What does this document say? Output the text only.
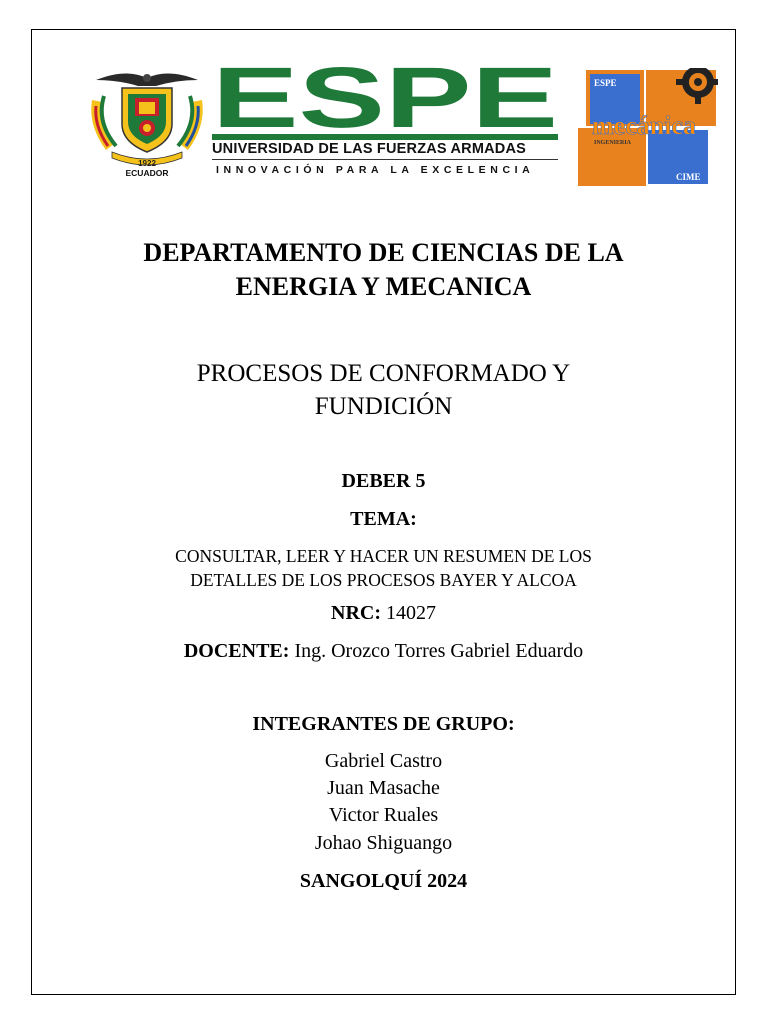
1922
ECUADOR
ESPE
UNIVERSIDAD DE LAS FUERZAS ARMADAS
INNOVACIÓN PARA LA EXCELENCIA
ESPE
mecánica
INGENIERIA
CIME
DEPARTAMENTO DE CIENCIAS DE LA
ENERGIA Y MECANICA
PROCESOS DE CONFORMADO Y
FUNDICIÓN
DEBER 5
TEMA:
CONSULTAR, LEER Y HACER UN RESUMEN DE LOS
DETALLES DE LOS PROCESOS BAYER Y ALCOA
NRC: 14027
DOCENTE: Ing. Orozco Torres Gabriel Eduardo
INTEGRANTES DE GRUPO:
Gabriel Castro
Juan Masache
Victor Ruales
Johao Shiguango
SANGOLQUÍ 2024
